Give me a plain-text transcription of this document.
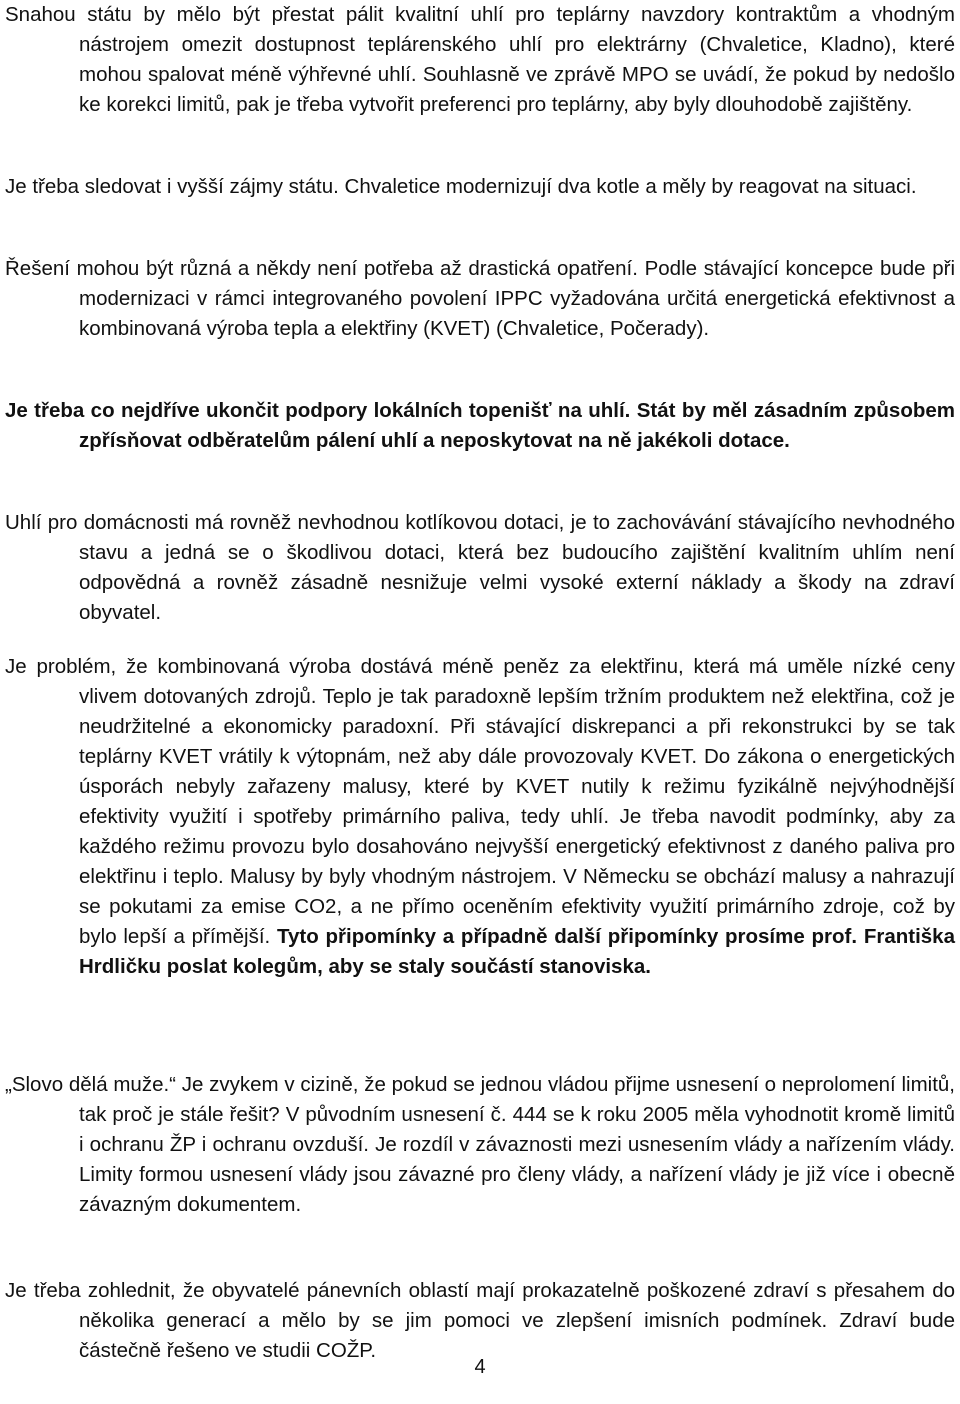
Snahou státu by mělo být přestat pálit kvalitní uhlí pro teplárny navzdory kontraktům a vhodným nástrojem omezit dostupnost teplárenského uhlí pro elektrárny (Chvaletice, Kladno), které mohou spalovat méně výhřevné uhlí. Souhlasně ve zprávě MPO se uvádí, že pokud by nedošlo ke korekci limitů, pak je třeba vytvořit preferenci pro teplárny, aby byly dlouhodobě zajištěny.

Je třeba sledovat i vyšší zájmy státu. Chvaletice modernizují dva kotle a měly by reagovat na situaci.

Řešení mohou být různá a někdy není potřeba až drastická opatření. Podle stávající koncepce bude při modernizaci v rámci integrovaného povolení IPPC vyžadována určitá energetická efektivnost a kombinovaná výroba tepla a elektřiny (KVET) (Chvaletice, Počerady).

Je třeba co nejdříve ukončit podpory lokálních topenišť na uhlí. Stát by měl zásadním způsobem zpřísňovat odběratelům pálení uhlí a neposkytovat na ně jakékoli dotace.

Uhlí pro domácnosti má rovněž nevhodnou kotlíkovou dotaci, je to zachovávání stávajícího nevhodného stavu a jedná se o škodlivou dotaci, která bez budoucího zajištění kvalitním uhlím není odpovědná a rovněž zásadně nesnižuje velmi vysoké externí náklady a škody na zdraví obyvatel.

Je problém, že kombinovaná výroba dostává méně peněz za elektřinu, která má uměle nízké ceny vlivem dotovaných zdrojů. Teplo je tak paradoxně lepším tržním produktem než elektřina, což je neudržitelné a ekonomicky paradoxní. Při stávající diskrepanci a při rekonstrukci by se tak teplárny KVET vrátily k výtopnám, než aby dále provozovaly KVET. Do zákona o energetických úsporách nebyly zařazeny malusy, které by KVET nutily k režimu fyzikálně nejvýhodnější efektivity využití i spotřeby primárního paliva, tedy uhlí. Je třeba navodit podmínky, aby za každého režimu provozu bylo dosahováno nejvyšší energetický efektivnost z daného paliva pro elektřinu i teplo. Malusy by byly vhodným nástrojem. V Německu se obchází malusy a nahrazují se pokutami za emise CO2, a ne přímo oceněním efektivity využití primárního zdroje, což by bylo lepší a přímější. Tyto připomínky a případně další připomínky prosíme prof. Františka Hrdličku poslat kolegům, aby se staly součástí stanoviska.

„Slovo dělá muže.“ Je zvykem v cizině, že pokud se jednou vládou přijme usnesení o neprolomení limitů, tak proč je stále řešit? V původním usnesení č. 444 se k roku 2005 měla vyhodnotit kromě limitů i ochranu ŽP i ochranu ovzduší. Je rozdíl v závaznosti mezi usnesením vlády a nařízením vlády. Limity formou usnesení vlády jsou závazné pro členy vlády, a nařízení vlády je již více i obecně závazným dokumentem.

Je třeba zohlednit, že obyvatelé pánevních oblastí mají prokazatelně poškozené zdraví s přesahem do několika generací a mělo by se jim pomoci ve zlepšení imisních podmínek. Zdraví bude částečně řešeno ve studii COŽP.

4
